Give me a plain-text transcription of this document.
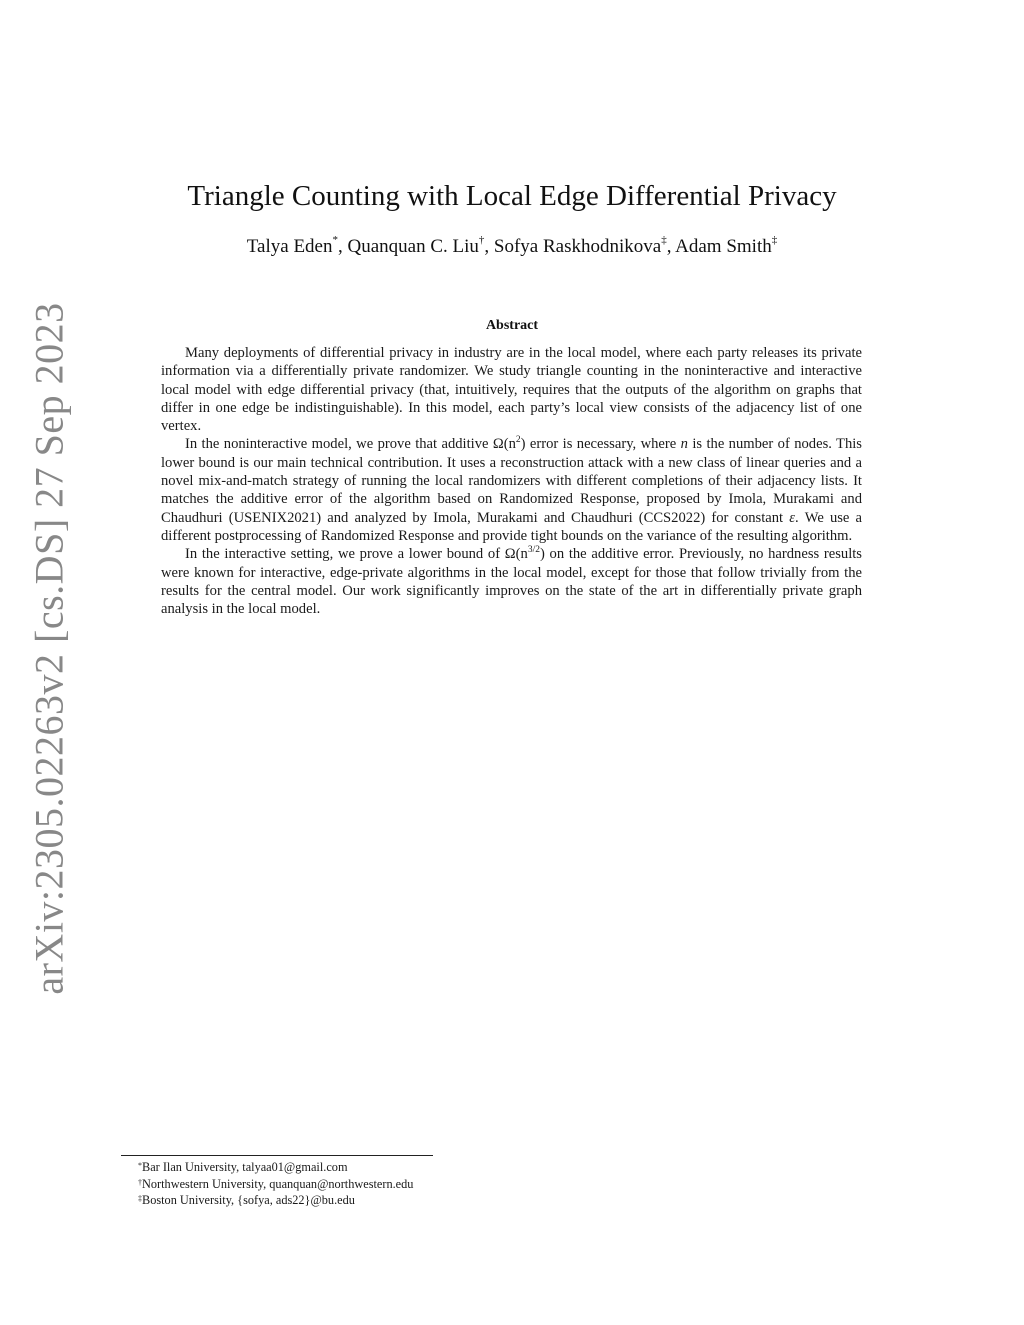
arXiv:2305.02263v2 [cs.DS] 27 Sep 2023
Triangle Counting with Local Edge Differential Privacy
Talya Eden*, Quanquan C. Liu†, Sofya Raskhodnikova‡, Adam Smith‡
Abstract

Many deployments of differential privacy in industry are in the local model, where each party releases its private information via a differentially private randomizer. We study triangle counting in the noninteractive and interactive local model with edge differential privacy (that, intuitively, requires that the outputs of the algorithm on graphs that differ in one edge be indistinguishable). In this model, each party’s local view consists of the adjacency list of one vertex.

In the noninteractive model, we prove that additive $\Omega(n^2)$ error is necessary, where n is the number of nodes. This lower bound is our main technical contribution. It uses a reconstruction attack with a new class of linear queries and a novel mix-and-match strategy of running the local randomizers with different completions of their adjacency lists. It matches the additive error of the algorithm based on Randomized Response, proposed by Imola, Murakami and Chaudhuri (USENIX2021) and analyzed by Imola, Murakami and Chaudhuri (CCS2022) for constant ε. We use a different postprocessing of Randomized Response and provide tight bounds on the variance of the resulting algorithm.

In the interactive setting, we prove a lower bound of $\Omega(n^{3/2})$ on the additive error. Previously, no hardness results were known for interactive, edge-private algorithms in the local model, except for those that follow trivially from the results for the central model. Our work significantly improves on the state of the art in differentially private graph analysis in the local model.

*Bar Ilan University, talyaa01@gmail.com
†Northwestern University, quanquan@northwestern.edu
‡Boston University, {sofya, ads22}@bu.edu
